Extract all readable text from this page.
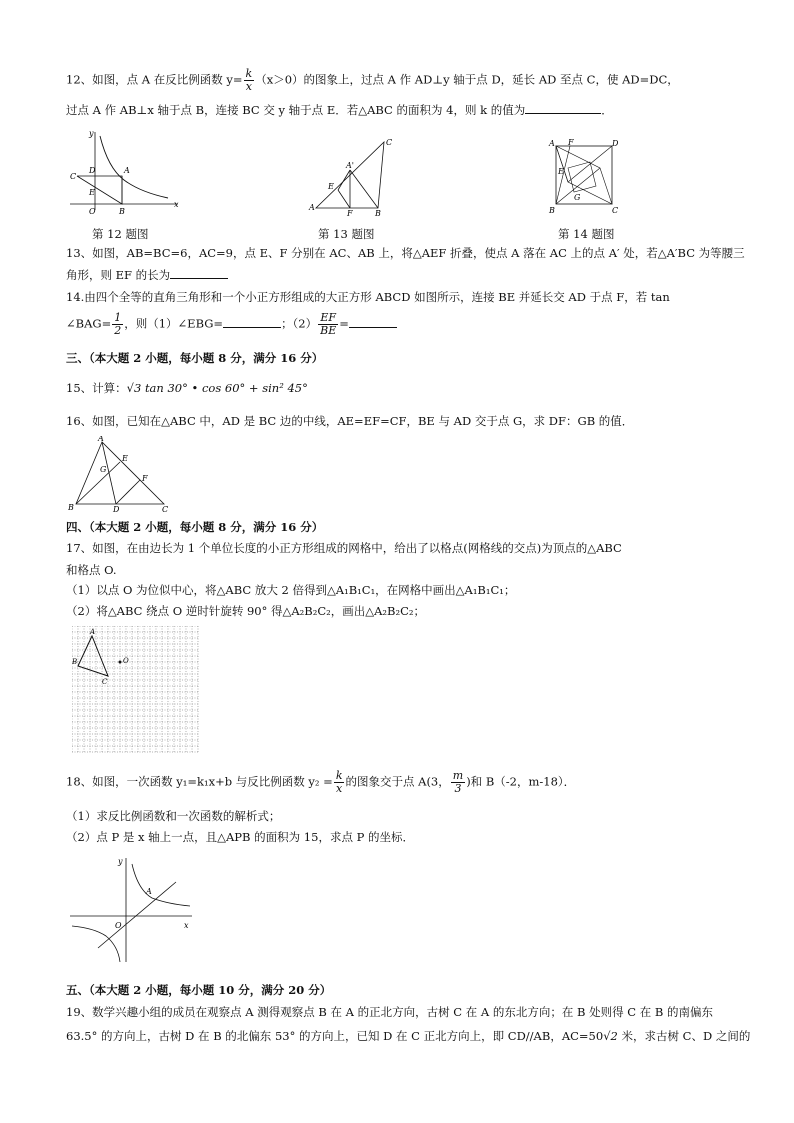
12、如图，点 A 在反比例函数 $y= \frac{k}{x} (x>0)$的图象上，过点 A 作 AD⊥y 轴于点 D，延长 AD 至点 C，使 AD=DC，
过点 A 作 AB⊥x 轴于点 B，连接 BC 交 y 轴于点 E．若△ABC 的面积为 4，则 k 的值为	．
y
x
D	A
C
E
O	B
第 12 题图
C
A'
E
A
F	B
第 13 题图
A F	D
E
G
B	C
第 14 题图
13、如图，AB=BC=6，AC=9，点 E、F 分别在 AC、AB 上，将△AEF 折叠，使点 A 落在 AC 上的点 A′ 处，若△A′BC 为等腰三
角形，则 EF 的长为
14.由四个全等的直角三角形和一个小正方形组成的大正方形 ABCD 如图所示，连接 BE 并延长交 AD 于点 F，若 tan
∠BAG= $\frac{1}{2}$ ，则（1）∠EBG=	；$(2) \frac{EF}{BE}$ =
三、（本大题 2 小题，每小题 8 分，满分 16 分）
15、计算：√3 tan 30° • cos 60° + sin² 45°
16、如图，已知在△ABC 中，AD 是 BC 边的中线，AE=EF=CF，BE 与 AD 交于点 G，求 DF：GB 的值．
A
E
G
F
B	D	C
四、（本大题 2 小题，每小题 8 分，满分 16 分）
17、如图，在由边长为 1 个单位长度的小正方形组成的网格中，给出了以格点(网格线的交点)为顶点的△ABC
和格点 O.
（1）以点 O 为位似中心，将△ABC 放大 2 倍得到△A₁B₁C₁，在网格中画出△A₁B₁C₁；
（2）将△ABC 绕点 O 逆时针旋转 90° 得△A₂B₂C₂，画出△A₂B₂C₂；
A
B
C
O
18、如图，一次函数 y₁=k₁x+b 与反比例函数 $y_2 = \frac{k}{x}$ 的图象交于点 A(3， $\frac{m}{3}$ )和 B（-2，m-18）．
（1）求反比例函数和一次函数的解析式；
（2）点 P 是 x 轴上一点，且△APB 的面积为 15，求点 P 的坐标．
y
A
O	x
五、（本大题 2 小题，每小题 10 分，满分 20 分）
19、数学兴趣小组的成员在观察点 A 测得观察点 B 在 A 的正北方向，古树 C 在 A 的东北方向；在 B 处则得 C 在 B 的南偏东
63.5° 的方向上，古树 D 在 B 的北偏东 53° 的方向上，已知 D 在 C 正北方向上，即 CD//AB，AC=50√2 米，求古树 C、D 之间的
